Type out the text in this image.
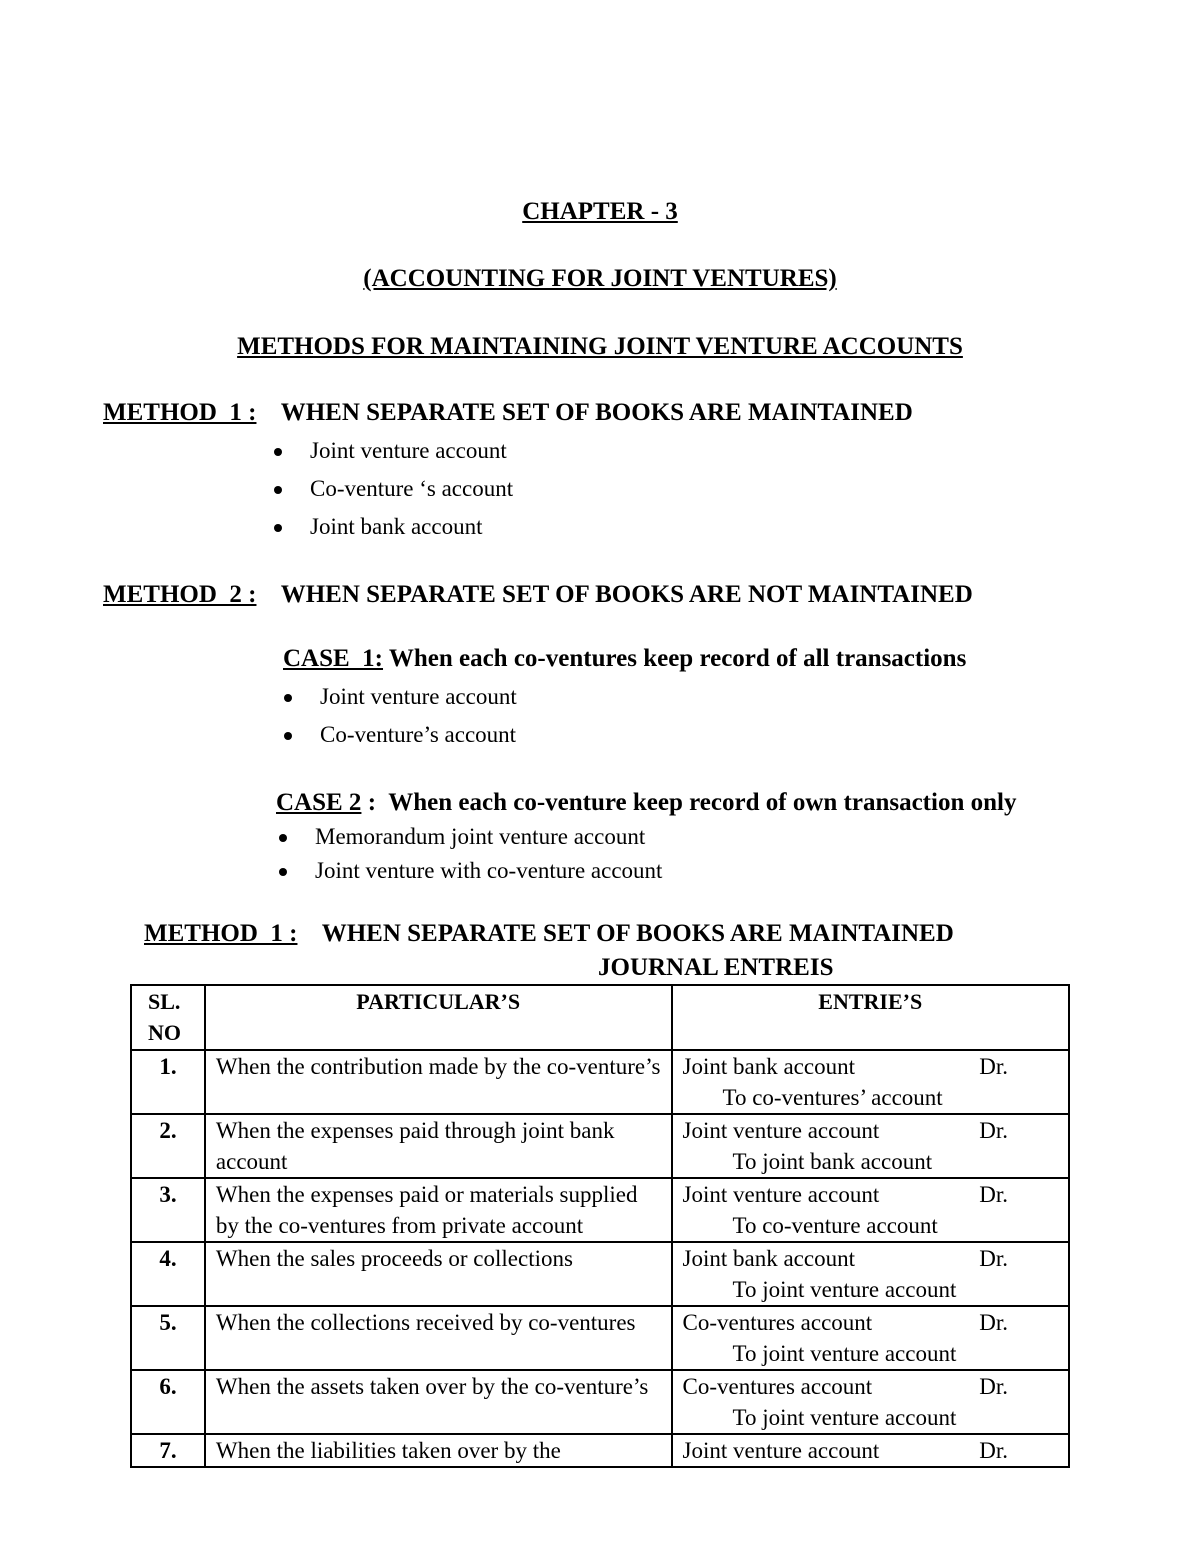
CHAPTER - 3
(ACCOUNTING FOR JOINT VENTURES)
METHODS FOR MAINTAINING JOINT VENTURE ACCOUNTS
METHOD  1 : WHEN SEPARATE SET OF BOOKS ARE MAINTAINED
Joint venture account
Co-venture ‘s account
Joint bank account
METHOD  2 : WHEN SEPARATE SET OF BOOKS ARE NOT MAINTAINED
CASE  1: When each co-ventures keep record of all transactions
Joint venture account
Co-venture’s account
CASE 2 : When each co-venture keep record of own transaction only
Memorandum joint venture account
Joint venture with co-venture account
METHOD  1 : WHEN SEPARATE SET OF BOOKS ARE MAINTAINED
JOURNAL ENTREIS
SL. NO	PARTICULAR’S	ENTRIE’S
1.	When the contribution made by the co-venture’s	Joint bank account Dr.
To co-ventures’ account

2.	When the expenses paid through joint bank account	Joint venture account Dr.
To joint bank account

3.	When the expenses paid or materials supplied by the co-ventures from private account	Joint venture account Dr.
To co-venture account

4.	When the sales proceeds or collections	Joint bank account Dr.
To joint venture account

5.	When the collections received by co-ventures	Co-ventures account Dr.
To joint venture account

6.	When the assets taken over by the co-venture’s	Co-ventures account Dr.
To joint venture account

7.	When the liabilities taken over by the	Joint venture account Dr.
